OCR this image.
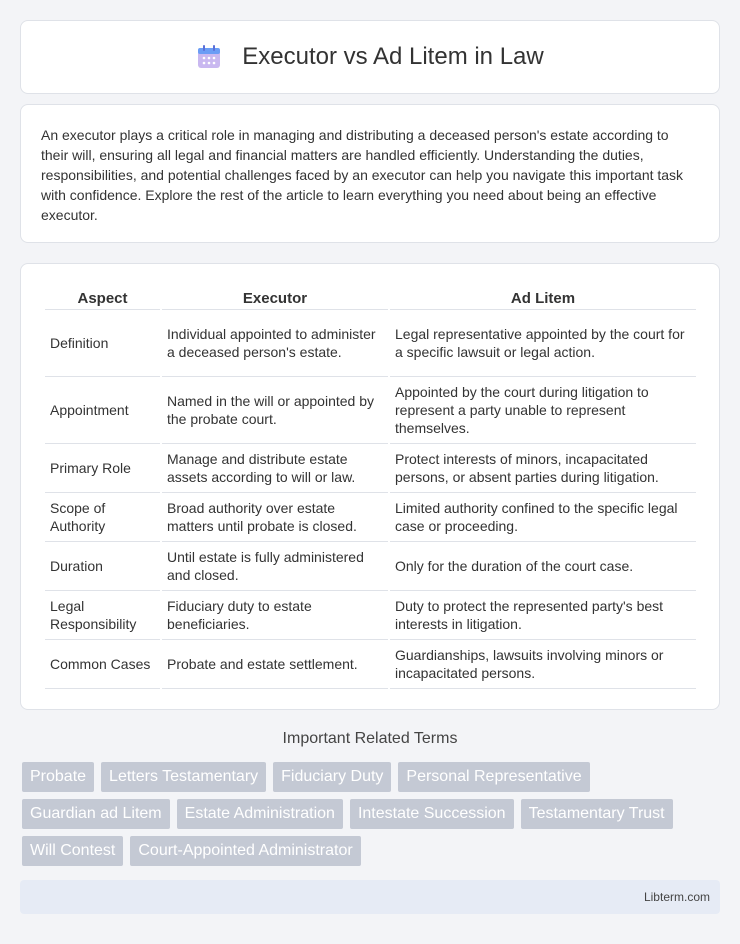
Executor vs Ad Litem in Law

An executor plays a critical role in managing and distributing a deceased person's estate according to their will, ensuring all legal and financial matters are handled efficiently. Understanding the duties, responsibilities, and potential challenges faced by an executor can help you navigate this important task with confidence. Explore the rest of the article to learn everything you need about being an effective executor.

Aspect	Executor	Ad Litem
Definition	Individual appointed to administer a deceased person's estate.	Legal representative appointed by the court for a specific lawsuit or legal action.
Appointment	Named in the will or appointed by the probate court.	Appointed by the court during litigation to represent a party unable to represent themselves.
Primary Role	Manage and distribute estate assets according to will or law.	Protect interests of minors, incapacitated persons, or absent parties during litigation.
Scope of Authority	Broad authority over estate matters until probate is closed.	Limited authority confined to the specific legal case or proceeding.
Duration	Until estate is fully administered and closed.	Only for the duration of the court case.
Legal Responsibility	Fiduciary duty to estate beneficiaries.	Duty to protect the represented party's best interests in litigation.
Common Cases	Probate and estate settlement.	Guardianships, lawsuits involving minors or incapacitated persons.
Important Related Terms
Probate	Letters Testamentary	Fiduciary Duty	Personal Representative
Guardian ad Litem	Estate Administration	Intestate Succession	Testamentary Trust
Will Contest	Court-Appointed Administrator
Libterm.com
